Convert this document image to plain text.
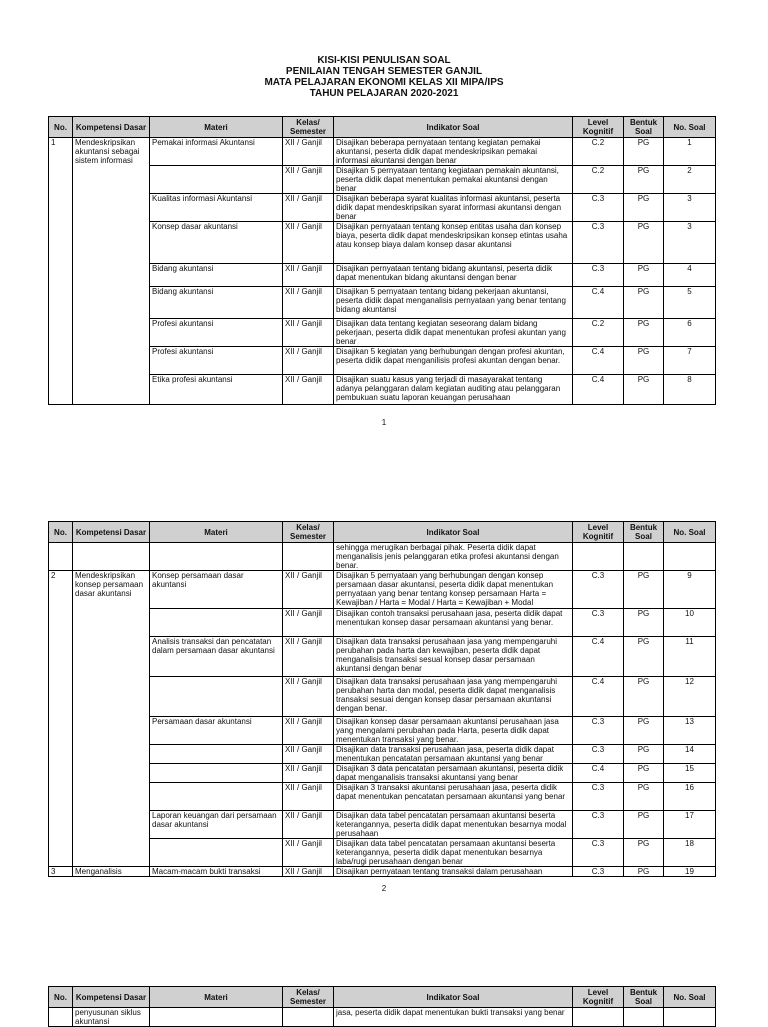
KISI-KISI PENULISAN SOAL
PENILAIAN TENGAH SEMESTER GANJIL
MATA PELAJARAN EKONOMI KELAS XII MIPA/IPS
TAHUN PELAJARAN 2020-2021
No.	Kompetensi Dasar	Materi	Kelas/ Semester	Indikator Soal	Level Kognitif	Bentuk Soal	No. Soal
1	Mendeskripsikan akuntansi sebagai sistem informasi	Pemakai informasi Akuntansi	XII / Ganjil	Disajikan beberapa pernyataan tentang kegiatan pemakai akuntansi, peserta didik dapat mendeskripsikan pemakai informasi akuntansi dengan benar	C.2	PG	1
			XII / Ganjil	Disajikan 5 pernyataan tentang kegiataan pemakain akuntansi, peserta didik dapat menentukan pemakai akuntansi dengan benar	C.2	PG	2
		Kualitas informasi Akuntansi	XII / Ganjil	Disajikan beberapa syarat kualitas informasi akuntansi, peserta didik dapat mendeskripsikan syarat informasi akuntansi dengan benar	C.3	PG	3
		Konsep dasar akuntansi	XII / Ganjil	Disajikan pernyataan tentang konsep entitas usaha dan konsep biaya, peserta didik dapat mendeskripsikan konsep etintas usaha atau konsep biaya dalam konsep dasar akuntansi	C.3	PG	3
		Bidang akuntansi	XII / Ganjil	Disajikan pernyataan tentang bidang akuntansi, peserta didik dapat menentukan bidang akuntansi dengan benar	C.3	PG	4
		Bidang akuntansi	XII / Ganjil	Disajikan 5 pernyataan tentang bidang pekerjaan akuntansi, peserta didik dapat menganalisis pernyataan yang benar tentang bidang akuntansi	C.4	PG	5
		Profesi akuntansi	XII / Ganjil	Disajikan data tentang kegiatan seseorang dalam bidang pekerjaan, peserta didik dapat menentukan profesi akuntan yang benar	C.2	PG	6
		Profesi akuntansi	XII / Ganjil	Disajikan 5 kegiatan yang berhubungan dengan profesi akuntan, peserta didik dapat menganilisis profesi akuntan dengan benar.	C.4	PG	7
		Etika profesi akuntansi	XII / Ganjil	Disajikan suatu kasus yang terjadi di masayarakat tentang adanya pelanggaran dalam kegiatan auditing atau pelanggaran pembukuan suatu laporan keuangan perusahaan	C.4	PG	8
1
No.	Kompetensi Dasar	Materi	Kelas/ Semester	Indikator Soal	Level Kognitif	Bentuk Soal	No. Soal
				sehingga merugikan berbagai pihak. Peserta didik dapat menganalisis jenis pelanggaran etika profesi akuntansi dengan benar.			
2	Mendeskripsikan konsep persamaan dasar akuntansi	Konsep persamaan dasar akuntansi	XII / Ganjil	Disajikan 5 pernyataan yang berhubungan dengan konsep persamaan dasar akuntansi, peserta didik dapat menentukan pernyataan yang benar tentang konsep persamaan Harta = Kewajiban / Harta = Modal / Harta = Kewajiban + Modal	C.3	PG	9
			XII / Ganjil	Disajikan contoh transaksi perusahaan jasa, peserta didik dapat menentukan konsep dasar persamaan akuntansi yang benar.	C.3	PG	10
		Analisis transaksi dan pencatatan dalam persamaan dasar akuntansi	XII / Ganjil	Disajikan data transaksi perusahaan jasa yang mempengaruhi perubahan pada harta dan kewajiban, peserta didik dapat menganalisis transaksi sesual konsep dasar persamaan akuntansi dengan benar	C.4	PG	11
			XII / Ganjil	Disajikan data transaksi perusahaan jasa yang mempengaruhi perubahan harta dan modal, peserta didik dapat menganalisis transaksi sesuai dengan konsep dasar persamaan akuntansi dengan benar.	C.4	PG	12
		Persamaan dasar akuntansi	XII / Ganjil	Disajikan konsep dasar persamaan akuntansi perusahaan jasa yang mengalami perubahan pada Harta, peserta didik dapat menentukan transaksi yang benar.	C.3	PG	13
			XII / Ganjil	Disajikan data transaksi perusahaan jasa, peserta didik dapat menentukan pencatatan persamaan akuntansi yang benar	C.3	PG	14
			XII / Ganjil	Disajikan 3 data pencatatan persamaan akuntansi, peserta didik dapat menganalisis transaksi akuntansi yang benar	C.4	PG	15
			XII / Ganjil	Disajikan 3 transaksi akuntansi perusahaan jasa, peserta didik dapat menentukan pencatatan persamaan akuntansi yang benar	C.3	PG	16
		Laporan keuangan dari persamaan dasar akuntansi	XII / Ganjil	Disajikan data tabel pencatatan persamaan akuntansi beserta keterangannya, peserta didik dapat menentukan besarnya modal perusahaan	C.3	PG	17
			XII / Ganjil	Disajikan data tabel pencatatan persamaan akuntansi beserta keterangannya, peserta didik dapat menentukan besarnya laba/rugi perusahaan dengan benar	C.3	PG	18
3	Menganalisis	Macam-macam bukti transaksi	XII / Ganjil	Disajikan pernyataan tentang transaksi dalam perusahaan	C.3	PG	19
2
No.	Kompetensi Dasar	Materi	Kelas/ Semester	Indikator Soal	Level Kognitif	Bentuk Soal	No. Soal
	penyusunan siklus akuntansi			jasa, peserta didik dapat menentukan bukti transaksi yang benar			
